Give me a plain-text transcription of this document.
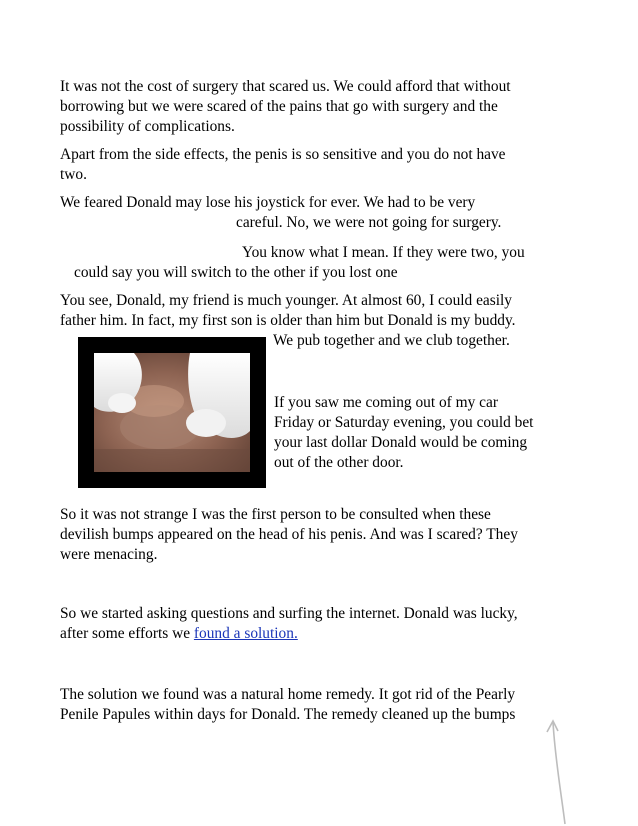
It was not the cost of surgery that scared us. We could afford that without
borrowing but we were scared of the pains that go with surgery and the
possibility of complications.
Apart from the side effects, the penis is so sensitive and you do not have
two.
We feared Donald may lose his joystick for ever. We had to be very
careful. No, we were not going for surgery.
You know what I mean. If they were two, you
could say you will switch to the other if you lost one
You see, Donald, my friend is much younger. At almost 60, I could easily
father him. In fact, my first son is older than him but Donald is my buddy.
We pub together and we club together.
If you saw me coming out of my car
Friday or Saturday evening, you could bet
your last dollar Donald would be coming
out of the other door.
So it was not strange I was the first person to be consulted when these
devilish bumps appeared on the head of his penis. And was I scared? They
were menacing.
So we started asking questions and surfing the internet. Donald was lucky,
after some efforts we found a solution.
The solution we found was a natural home remedy. It got rid of the Pearly
Penile Papules within days for Donald. The remedy cleaned up the bumps
